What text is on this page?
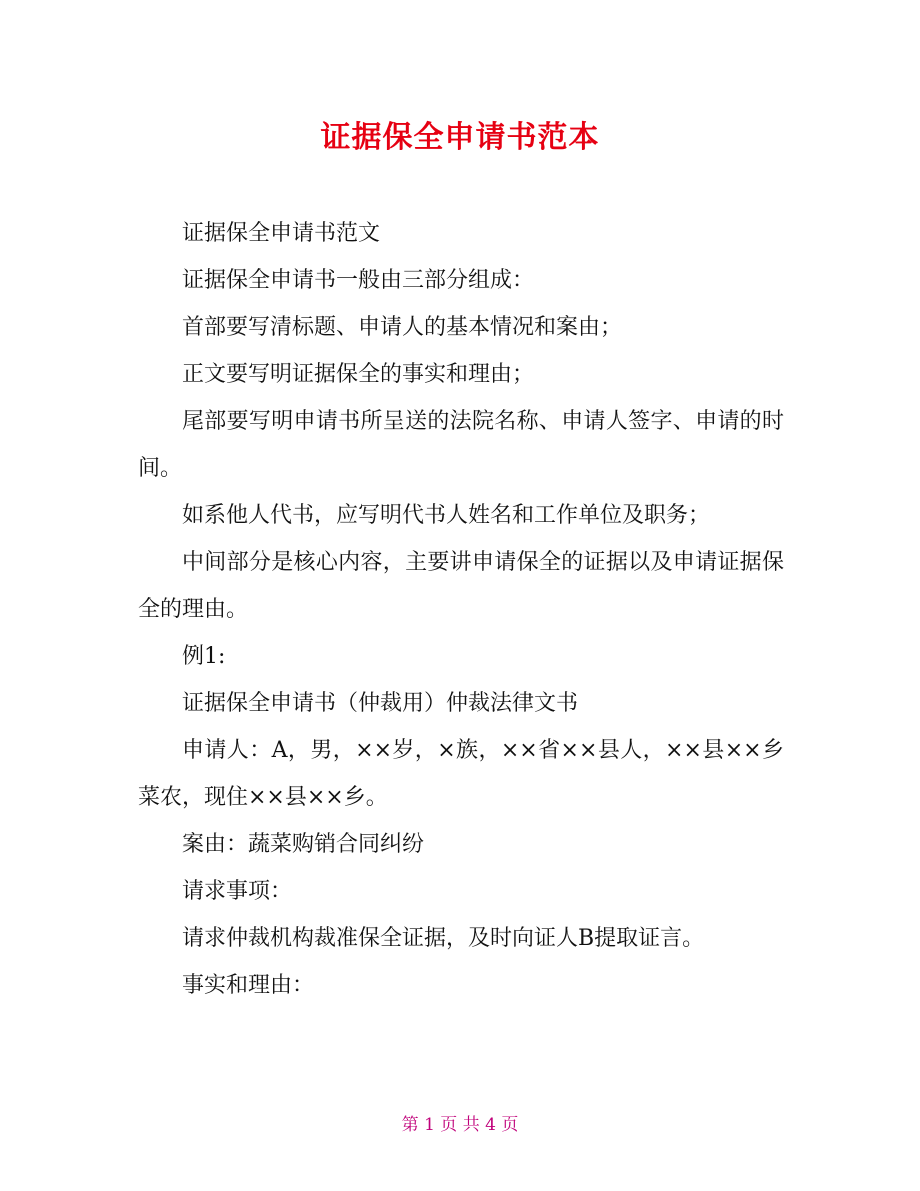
证据保全申请书范本

证据保全申请书范文

证据保全申请书一般由三部分组成：

首部要写清标题、申请人的基本情况和案由；

正文要写明证据保全的事实和理由；

尾部要写明申请书所呈送的法院名称、申请人签字、申请的时间。

如系他人代书，应写明代书人姓名和工作单位及职务；

中间部分是核心内容，主要讲申请保全的证据以及申请证据保全的理由。

例1:

证据保全申请书（仲裁用）仲裁法律文书

申请人：A，男，××岁，×族，××省××县人，××县××乡菜农，现住××县××乡。

案由：蔬菜购销合同纠纷

请求事项：

请求仲裁机构裁准保全证据，及时向证人B提取证言。

事实和理由：

第 1 页 共 4 页
